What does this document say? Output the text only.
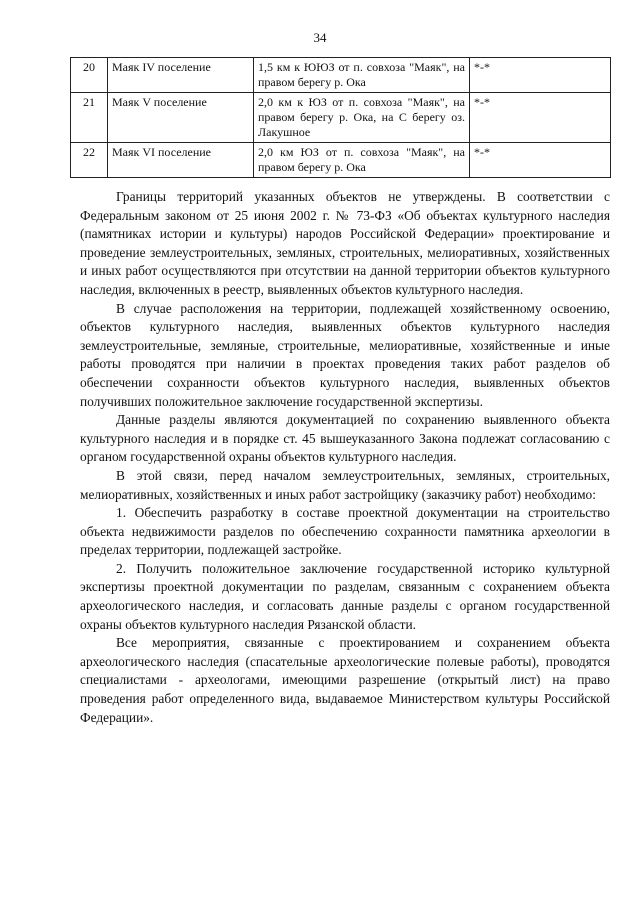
34
20	Маяк IV поселение	1,5 км к ЮЮЗ от п. совхоза "Маяк", на правом берегу р. Ока	*-*
21	Маяк V поселение	2,0 км к ЮЗ от п. совхоза "Маяк", на правом берегу р. Ока, на С берегу оз. Лакушное	*-*
22	Маяк VI поселение	2,0 км ЮЗ от п. совхоза "Маяк", на правом берегу р. Ока	*-*

Границы территорий указанных объектов не утверждены. В соответствии с Федеральным законом от 25 июня 2002 г. № 73-ФЗ «Об объектах культурного наследия (памятниках истории и культуры) народов Российской Федерации» проектирование и проведение землеустроительных, земляных, строительных, мелиоративных, хозяйственных и иных работ осуществляются при отсутствии на данной территории объектов культурного наследия, включенных в реестр, выявленных объектов культурного наследия.

В случае расположения на территории, подлежащей хозяйственному освоению, объектов культурного наследия, выявленных объектов культурного наследия землеустроительные, земляные, строительные, мелиоративные, хозяйственные и иные работы проводятся при наличии в проектах проведения таких работ разделов об обеспечении сохранности объектов культурного наследия, выявленных объектов получивших положительное заключение государственной экспертизы.

Данные разделы являются документацией по сохранению выявленного объекта культурного наследия и в порядке ст. 45 вышеуказанного Закона подлежат согласованию с органом государственной охраны объектов культурного наследия.

В этой связи, перед началом землеустроительных, земляных, строительных, мелиоративных, хозяйственных и иных работ застройщику (заказчику работ) необходимо:

1. Обеспечить разработку в составе проектной документации на строительство объекта недвижимости разделов по обеспечению сохранности памятника археологии в пределах территории, подлежащей застройке.

2. Получить положительное заключение государственной историко культурной экспертизы проектной документации по разделам, связанным с сохранением объекта археологического наследия, и согласовать данные разделы с органом государственной охраны объектов культурного наследия Рязанской области.

Все мероприятия, связанные с проектированием и сохранением объекта археологического наследия (спасательные археологические полевые работы), проводятся специалистами - археологами, имеющими разрешение (открытый лист) на право проведения работ определенного вида, выдаваемое Министерством культуры Российской Федерации».
